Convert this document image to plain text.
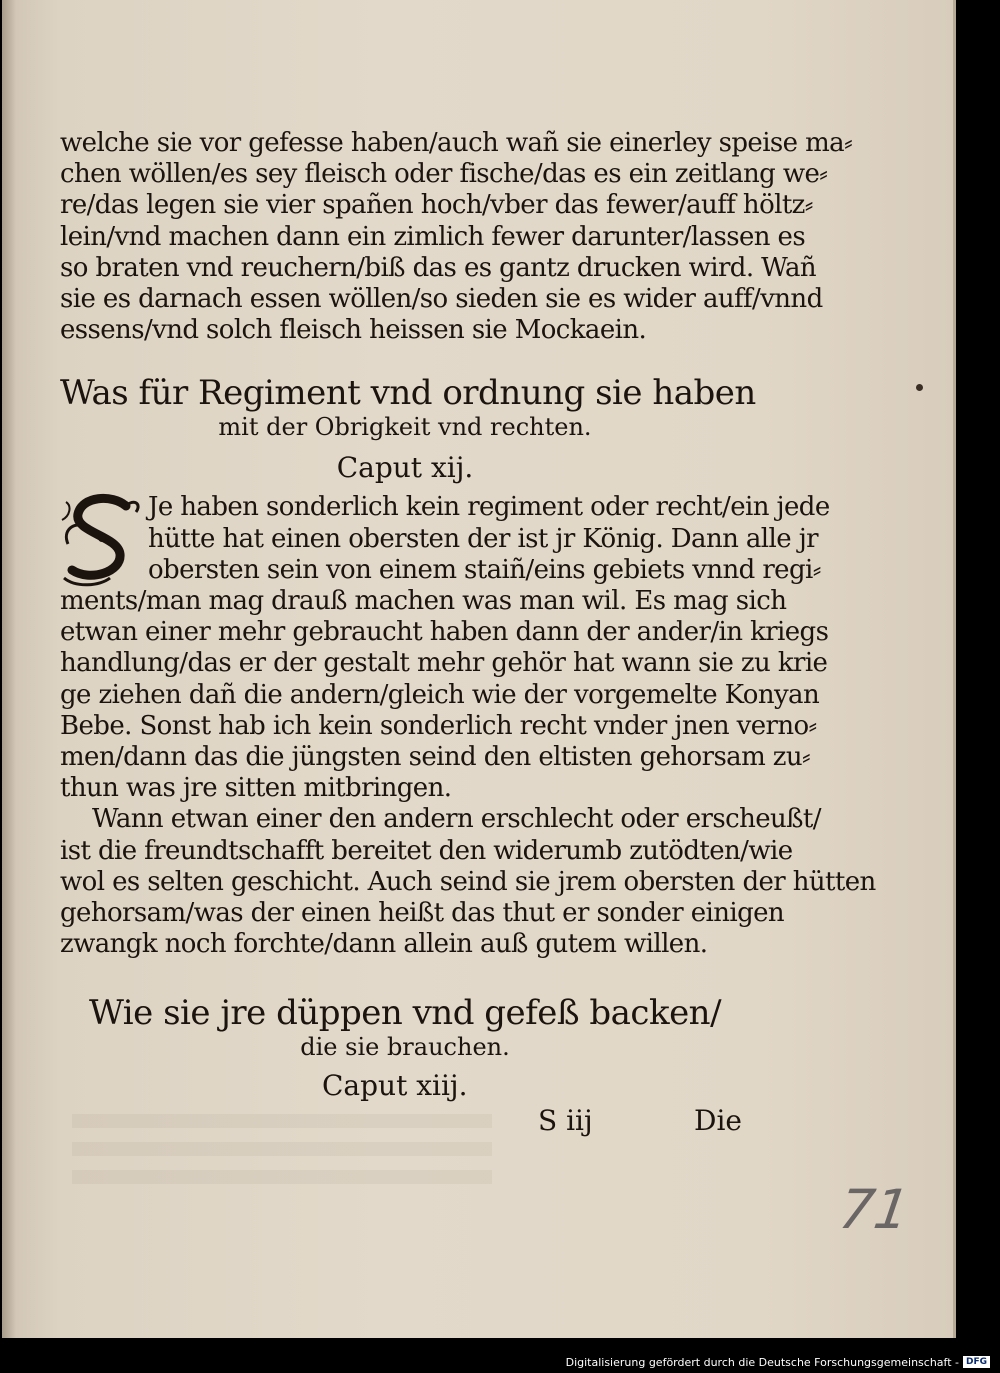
welche sie vor gefesse haben/auch wañ sie einerley speise ma⸗
chen wöllen/es sey fleisch oder fische/das es ein zeitlang we⸗
re/das legen sie vier spañen hoch/vber das fewer/auff höltz⸗
lein/vnd machen dann ein zimlich fewer darunter/lassen es
so braten vnd reuchern/biß das es gantz drucken wird. Wañ
sie es darnach essen wöllen/so sieden sie es wider auff/vnnd
essens/vnd solch fleisch heissen sie Mockaein.
Was für Regiment vnd ordnung sie haben
mit der Obrigkeit vnd rechten.
Caput xij.
Je haben sonderlich kein regiment oder recht/ein jede
hütte hat einen obersten der ist jr König. Dann alle jr
obersten sein von einem staiñ/eins gebiets vnnd regi⸗
ments/man mag drauß machen was man wil. Es mag sich
etwan einer mehr gebraucht haben dann der ander/in kriegs
handlung/das er der gestalt mehr gehör hat wann sie zu krie
ge ziehen dañ die andern/gleich wie der vorgemelte Konyan
Bebe. Sonst hab ich kein sonderlich recht vnder jnen verno⸗
men/dann das die jüngsten seind den eltisten gehorsam zu⸗
thun was jre sitten mitbringen.
Wann etwan einer den andern erschlecht oder erscheußt/
ist die freundtschafft bereitet den widerumb zutödten/wie
wol es selten geschicht. Auch seind sie jrem obersten der hütten
gehorsam/was der einen heißt das thut er sonder einigen
zwangk noch forchte/dann allein auß gutem willen.
Wie sie jre düppen vnd gefeß backen/
die sie brauchen.
Caput xiij.
S iij	Die
71
Digitalisierung gefördert durch die Deutsche Forschungsgemeinschaft - DFG
